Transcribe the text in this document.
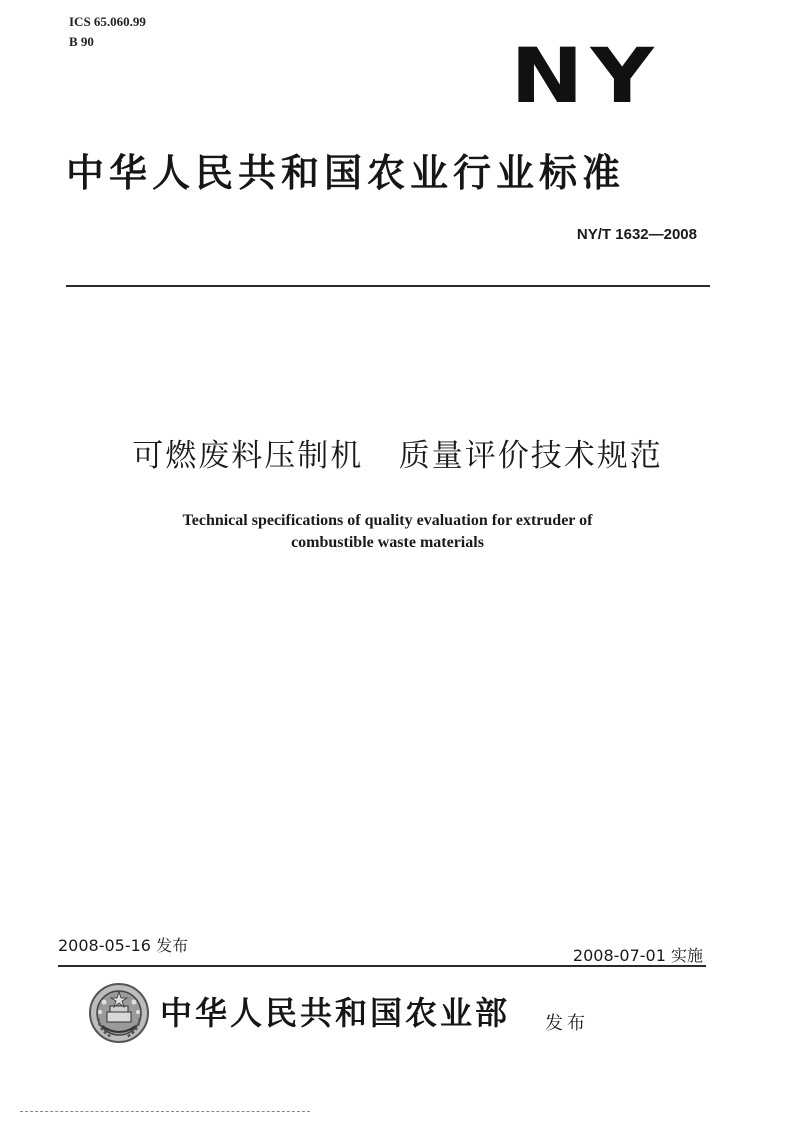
ICS 65.060.99
B 90	NY
中华人民共和国农业行业标准
NY/T 1632—2008
可燃废料压制机   质量评价技术规范
Technical specifications of quality evaluation for extruder of
combustible waste materials
2008-05-16 发布
2008-07-01 实施
中华人民共和国农业部 发布
